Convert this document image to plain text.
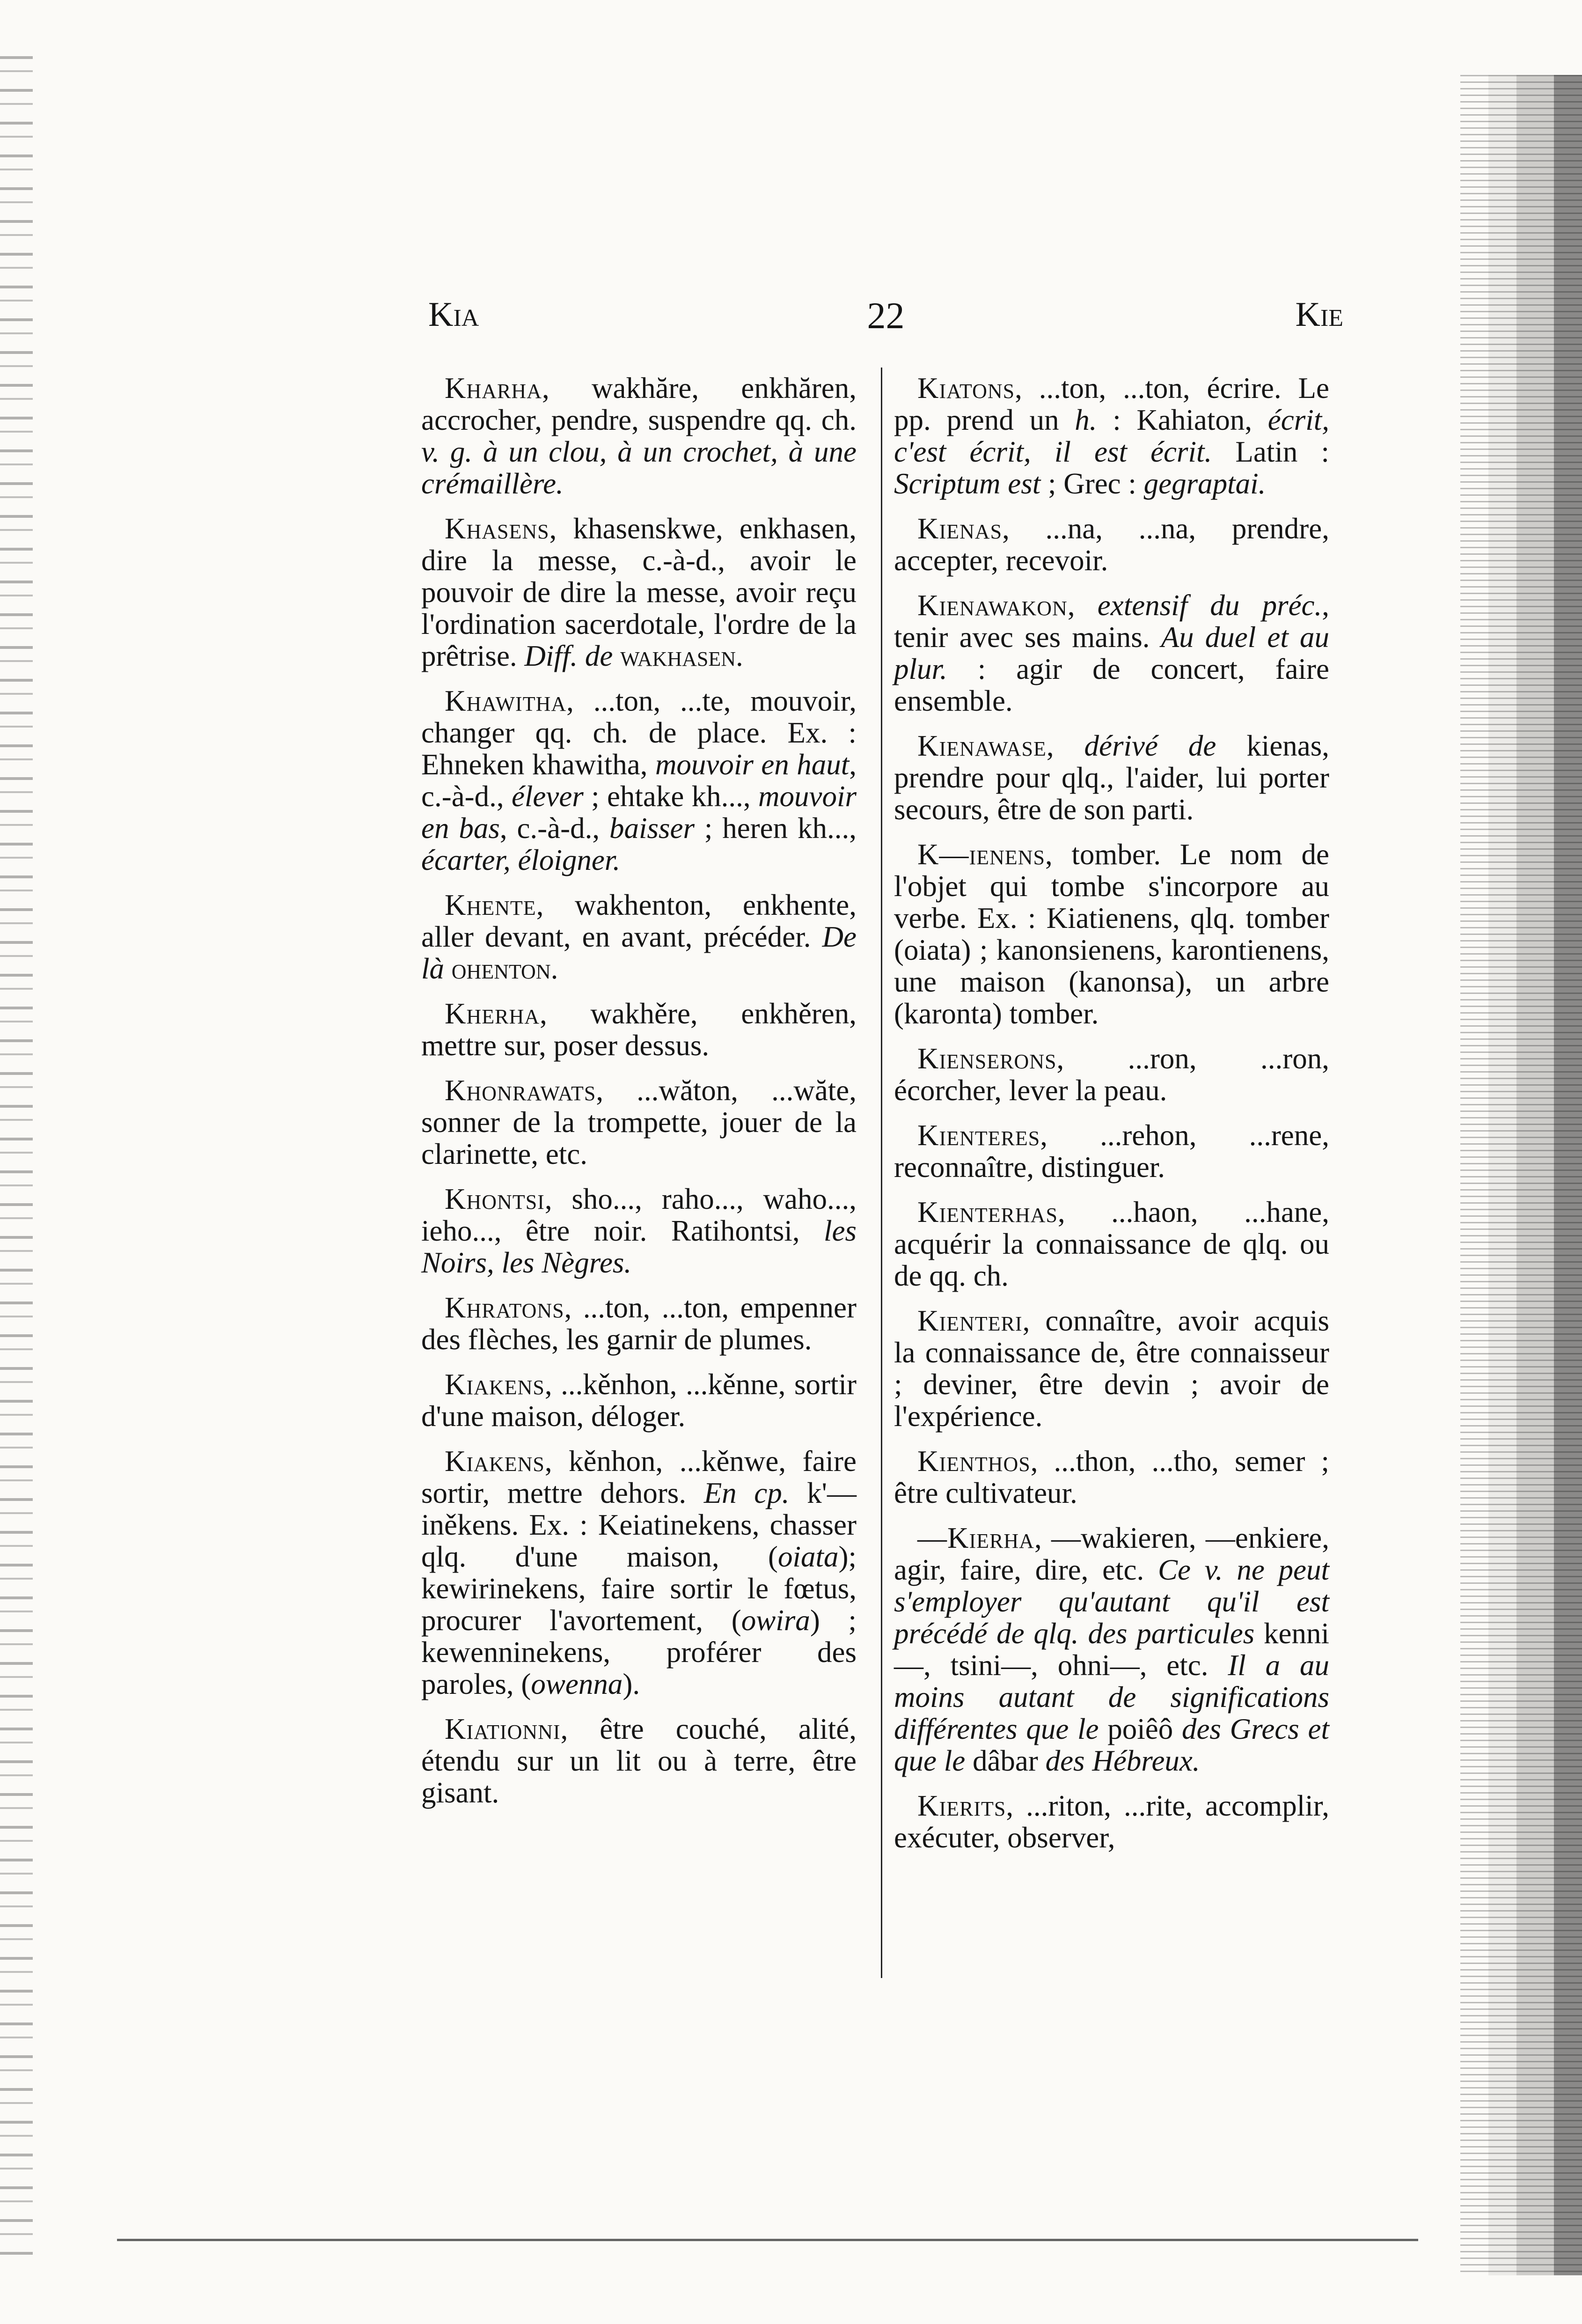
Kia	22	Kie

Kharha, wakhăre, enkhăren, accrocher, pendre, suspendre qq. ch. v. g. à un clou, à un crochet, à une crémaillère.

Khasens, khasenskwe, enkhasen, dire la messe, c.-à-d., avoir le pouvoir de dire la messe, avoir reçu l'ordination sacerdotale, l'ordre de la prêtrise. Diff. de wakhasen.

Khawitha, ...ton, ...te, mouvoir, changer qq. ch. de place. Ex. : Ehneken khawitha, mouvoir en haut, c.-à-d., élever ; ehtake kh..., mouvoir en bas, c.-à-d., baisser ; heren kh..., écarter, éloigner.

Khente, wakhenton, enkhente, aller devant, en avant, précéder. De là ohenton.

Kherha, wakhěre, enkhěren, mettre sur, poser dessus.

Khonrawats, ...wăton, ...wăte, sonner de la trompette, jouer de la clarinette, etc.

Khontsi, sho..., raho..., waho..., ieho..., être noir. Ratihontsi, les Noirs, les Nègres.

Khratons, ...ton, ...ton, empenner des flèches, les garnir de plumes.

Kiakens, ...kěnhon, ...kěnne, sortir d'une maison, déloger.

Kiakens, kěnhon, ...kěnwe, faire sortir, mettre dehors. En cp. k'—iněkens. Ex. : Keiatinekens, chasser qlq. d'une maison, (oiata); kewirinekens, faire sortir le fœtus, procurer l'avortement, (owira) ; kewenninekens, proférer des paroles, (owenna).

Kiationni, être couché, alité, étendu sur un lit ou à terre, être gisant.

Kiatons, ...ton, ...ton, écrire. Le pp. prend un h. : Kahiaton, écrit, c'est écrit, il est écrit. Latin : Scriptum est ; Grec : gegraptai.

Kienas, ...na, ...na, prendre, accepter, recevoir.

Kienawakon, extensif du préc., tenir avec ses mains. Au duel et au plur. : agir de concert, faire ensemble.

Kienawase, dérivé de kienas, prendre pour qlq., l'aider, lui porter secours, être de son parti.

K—ienens, tomber. Le nom de l'objet qui tombe s'incorpore au verbe. Ex. : Kiatienens, qlq. tomber (oiata) ; kanonsienens, karontienens, une maison (kanonsa), un arbre (karonta) tomber.

Kienserons, ...ron, ...ron, écorcher, lever la peau.

Kienteres, ...rehon, ...rene, reconnaître, distinguer.

Kienterhas, ...haon, ...hane, acquérir la connaissance de qlq. ou de qq. ch.

Kienteri, connaître, avoir acquis la connaissance de, être connaisseur ; deviner, être devin ; avoir de l'expérience.

Kienthos, ...thon, ...tho, semer ; être cultivateur.

—Kierha, —wakieren, —enkiere, agir, faire, dire, etc. Ce v. ne peut s'employer qu'autant qu'il est précédé de qlq. des particules kenni—, tsini—, ohni—, etc. Il a au moins autant de significations différentes que le poiêô des Grecs et que le dâbar des Hébreux.

Kierits, ...riton, ...rite, accomplir, exécuter, observer,
